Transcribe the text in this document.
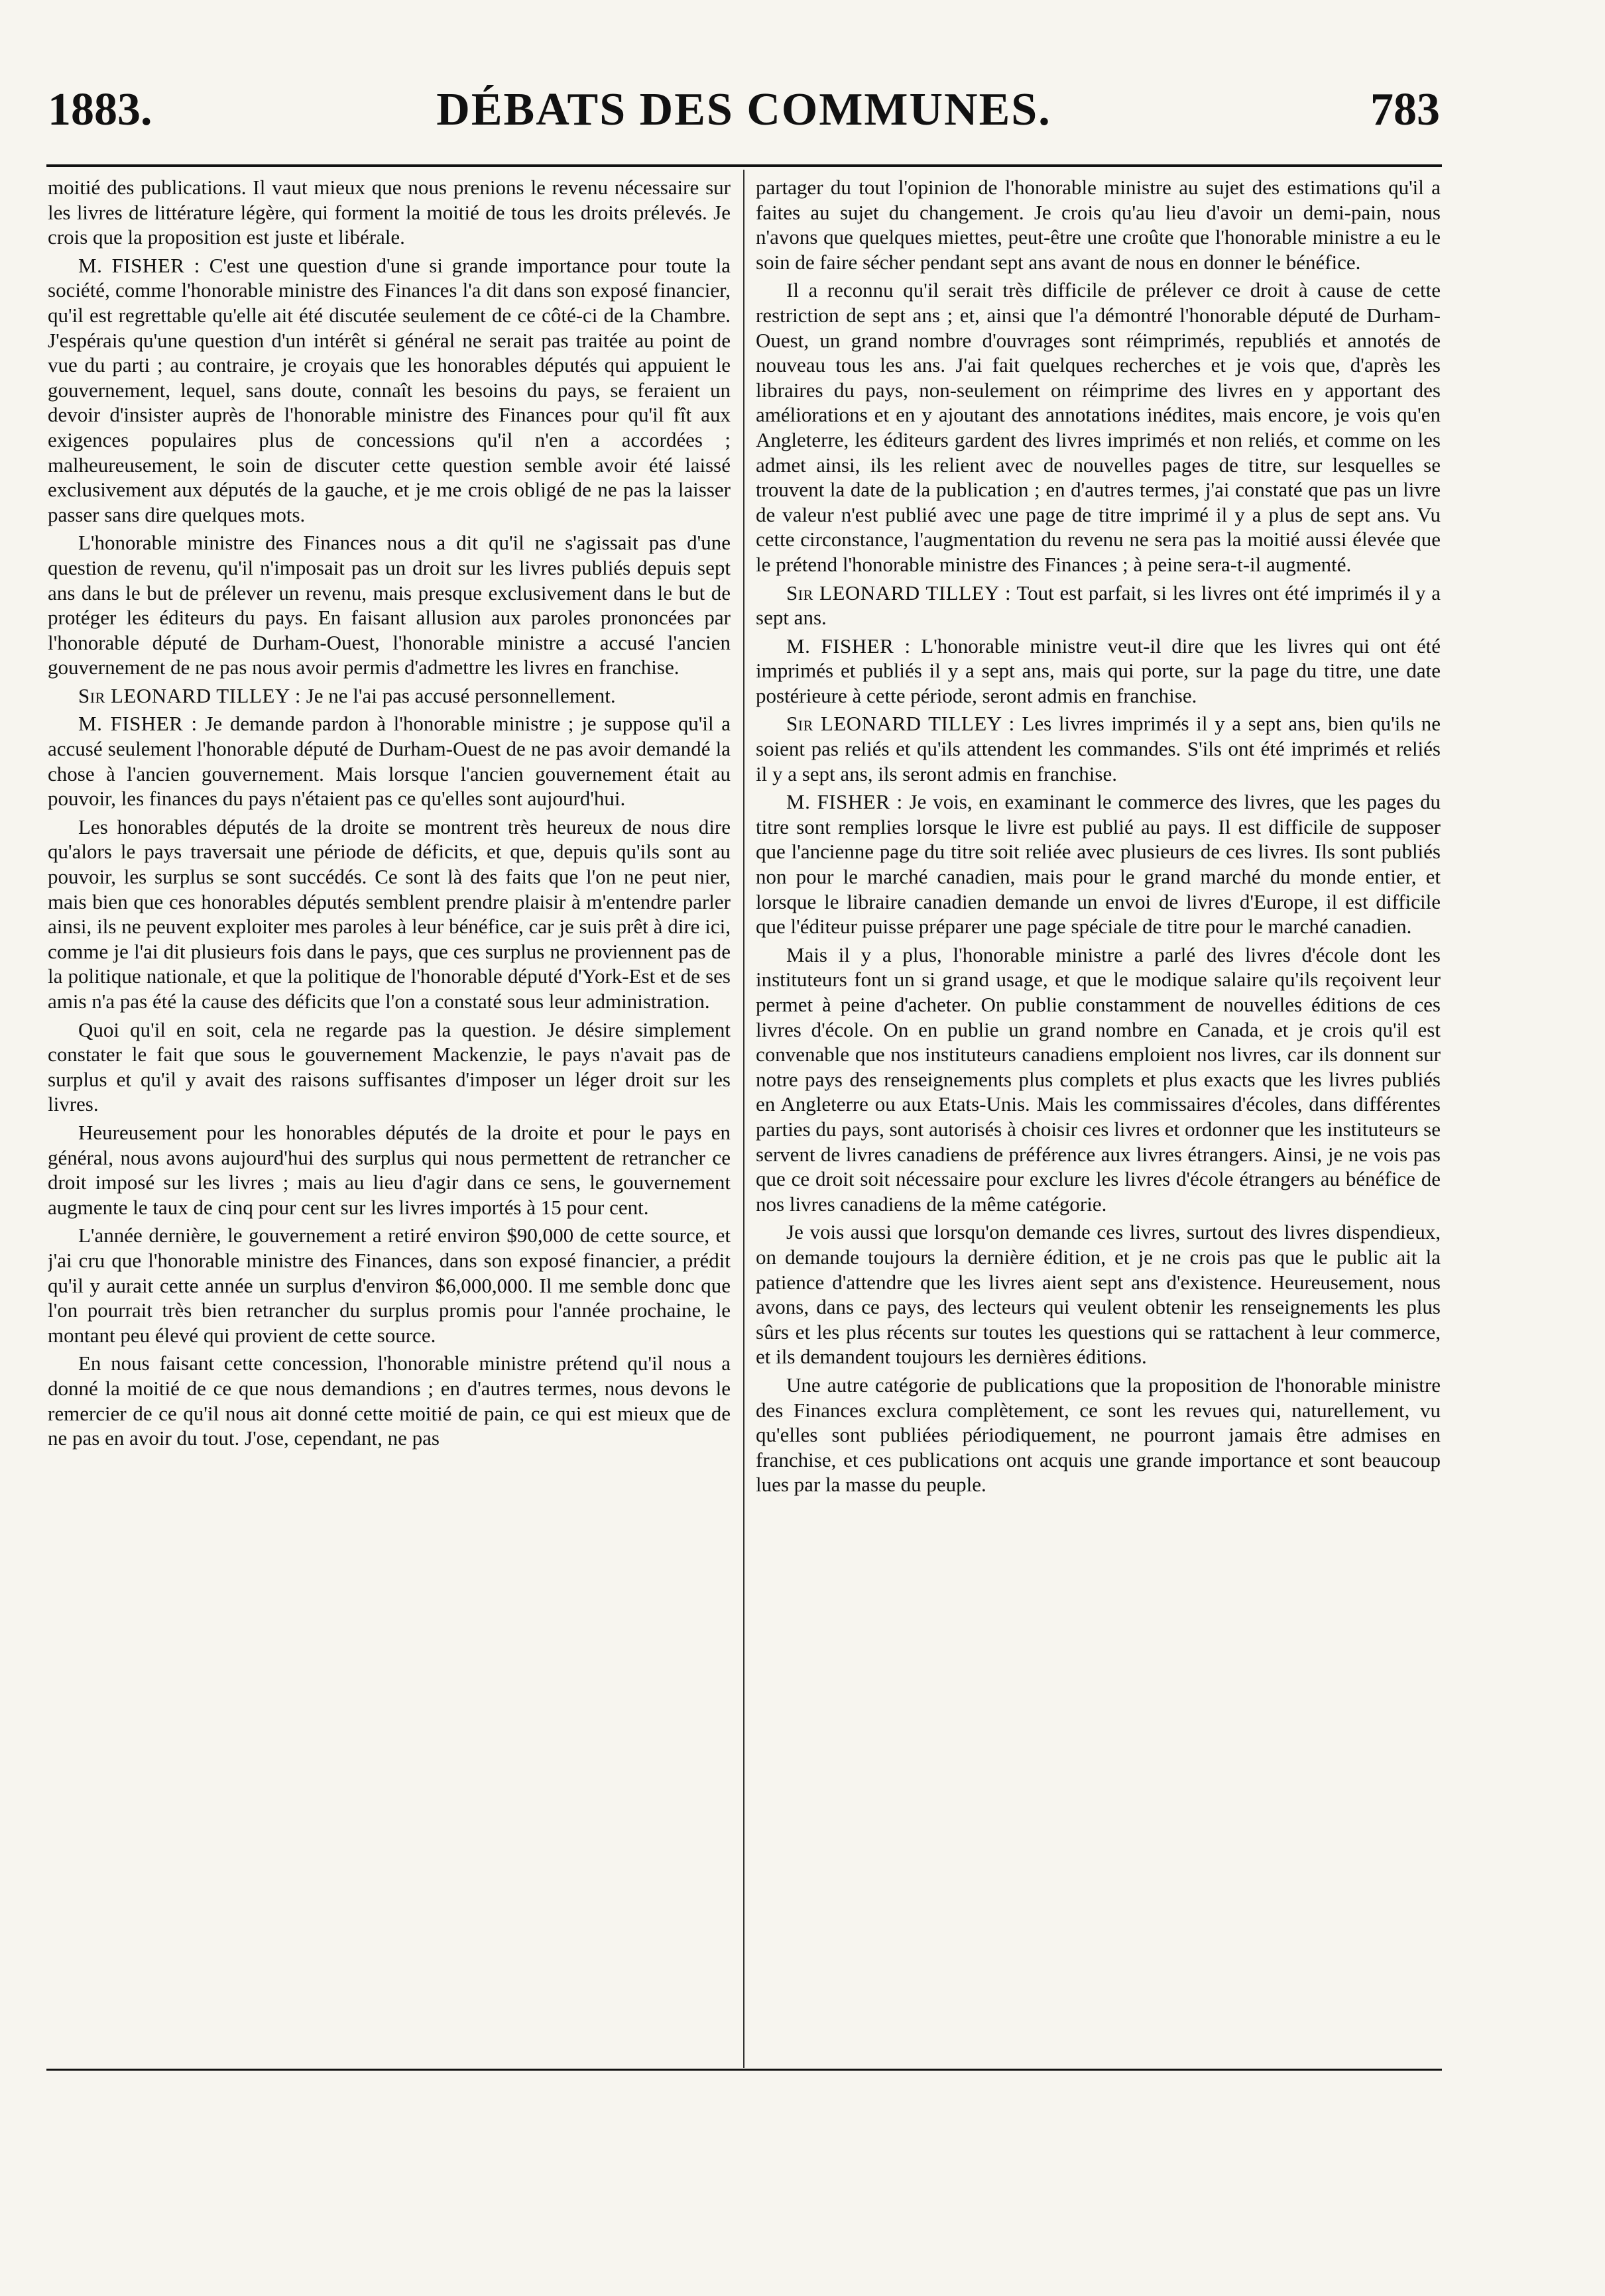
1883.	DÉBATS DES COMMUNES.	783

moitié des publications. Il vaut mieux que nous prenions le revenu nécessaire sur les livres de littérature légère, qui forment la moitié de tous les droits prélevés. Je crois que la proposition est juste et libérale.

M. FISHER : C'est une question d'une si grande importance pour toute la société, comme l'honorable ministre des Finances l'a dit dans son exposé financier, qu'il est regrettable qu'elle ait été discutée seulement de ce côté-ci de la Chambre. J'espérais qu'une question d'un intérêt si général ne serait pas traitée au point de vue du parti ; au contraire, je croyais que les honorables députés qui appuient le gouvernement, lequel, sans doute, connaît les besoins du pays, se feraient un devoir d'insister auprès de l'honorable ministre des Finances pour qu'il fît aux exigences populaires plus de concessions qu'il n'en a accordées ; malheureusement, le soin de discuter cette question semble avoir été laissé exclusivement aux députés de la gauche, et je me crois obligé de ne pas la laisser passer sans dire quelques mots.

L'honorable ministre des Finances nous a dit qu'il ne s'agissait pas d'une question de revenu, qu'il n'imposait pas un droit sur les livres publiés depuis sept ans dans le but de prélever un revenu, mais presque exclusivement dans le but de protéger les éditeurs du pays. En faisant allusion aux paroles prononcées par l'honorable député de Durham-Ouest, l'honorable ministre a accusé l'ancien gouvernement de ne pas nous avoir permis d'admettre les livres en franchise.

Sir LEONARD TILLEY : Je ne l'ai pas accusé personnellement.

M. FISHER : Je demande pardon à l'honorable ministre ; je suppose qu'il a accusé seulement l'honorable député de Durham-Ouest de ne pas avoir demandé la chose à l'ancien gouvernement. Mais lorsque l'ancien gouvernement était au pouvoir, les finances du pays n'étaient pas ce qu'elles sont aujourd'hui.

Les honorables députés de la droite se montrent très heureux de nous dire qu'alors le pays traversait une période de déficits, et que, depuis qu'ils sont au pouvoir, les surplus se sont succédés. Ce sont là des faits que l'on ne peut nier, mais bien que ces honorables députés semblent prendre plaisir à m'entendre parler ainsi, ils ne peuvent exploiter mes paroles à leur bénéfice, car je suis prêt à dire ici, comme je l'ai dit plusieurs fois dans le pays, que ces surplus ne proviennent pas de la politique nationale, et que la politique de l'honorable député d'York-Est et de ses amis n'a pas été la cause des déficits que l'on a constaté sous leur administration.

Quoi qu'il en soit, cela ne regarde pas la question. Je désire simplement constater le fait que sous le gouvernement Mackenzie, le pays n'avait pas de surplus et qu'il y avait des raisons suffisantes d'imposer un léger droit sur les livres.

Heureusement pour les honorables députés de la droite et pour le pays en général, nous avons aujourd'hui des surplus qui nous permettent de retrancher ce droit imposé sur les livres ; mais au lieu d'agir dans ce sens, le gouvernement augmente le taux de cinq pour cent sur les livres importés à 15 pour cent.

L'année dernière, le gouvernement a retiré environ $90,000 de cette source, et j'ai cru que l'honorable ministre des Finances, dans son exposé financier, a prédit qu'il y aurait cette année un surplus d'environ $6,000,000. Il me semble donc que l'on pourrait très bien retrancher du surplus promis pour l'année prochaine, le montant peu élevé qui provient de cette source.

En nous faisant cette concession, l'honorable ministre prétend qu'il nous a donné la moitié de ce que nous demandions ; en d'autres termes, nous devons le remercier de ce qu'il nous ait donné cette moitié de pain, ce qui est mieux que de ne pas en avoir du tout. J'ose, cependant, ne pas

partager du tout l'opinion de l'honorable ministre au sujet des estimations qu'il a faites au sujet du changement. Je crois qu'au lieu d'avoir un demi-pain, nous n'avons que quelques miettes, peut-être une croûte que l'honorable ministre a eu le soin de faire sécher pendant sept ans avant de nous en donner le bénéfice.

Il a reconnu qu'il serait très difficile de prélever ce droit à cause de cette restriction de sept ans ; et, ainsi que l'a démontré l'honorable député de Durham-Ouest, un grand nombre d'ouvrages sont réimprimés, republiés et annotés de nouveau tous les ans. J'ai fait quelques recherches et je vois que, d'après les libraires du pays, non-seulement on réimprime des livres en y apportant des améliorations et en y ajoutant des annotations inédites, mais encore, je vois qu'en Angleterre, les éditeurs gardent des livres imprimés et non reliés, et comme on les admet ainsi, ils les relient avec de nouvelles pages de titre, sur lesquelles se trouvent la date de la publication ; en d'autres termes, j'ai constaté que pas un livre de valeur n'est publié avec une page de titre imprimé il y a plus de sept ans. Vu cette circonstance, l'augmentation du revenu ne sera pas la moitié aussi élevée que le prétend l'honorable ministre des Finances ; à peine sera-t-il augmenté.

Sir LEONARD TILLEY : Tout est parfait, si les livres ont été imprimés il y a sept ans.

M. FISHER : L'honorable ministre veut-il dire que les livres qui ont été imprimés et publiés il y a sept ans, mais qui porte, sur la page du titre, une date postérieure à cette période, seront admis en franchise.

Sir LEONARD TILLEY : Les livres imprimés il y a sept ans, bien qu'ils ne soient pas reliés et qu'ils attendent les commandes. S'ils ont été imprimés et reliés il y a sept ans, ils seront admis en franchise.

M. FISHER : Je vois, en examinant le commerce des livres, que les pages du titre sont remplies lorsque le livre est publié au pays. Il est difficile de supposer que l'ancienne page du titre soit reliée avec plusieurs de ces livres. Ils sont publiés non pour le marché canadien, mais pour le grand marché du monde entier, et lorsque le libraire canadien demande un envoi de livres d'Europe, il est difficile que l'éditeur puisse préparer une page spéciale de titre pour le marché canadien.

Mais il y a plus, l'honorable ministre a parlé des livres d'école dont les instituteurs font un si grand usage, et que le modique salaire qu'ils reçoivent leur permet à peine d'acheter. On publie constamment de nouvelles éditions de ces livres d'école. On en publie un grand nombre en Canada, et je crois qu'il est convenable que nos instituteurs canadiens emploient nos livres, car ils donnent sur notre pays des renseignements plus complets et plus exacts que les livres publiés en Angleterre ou aux Etats-Unis. Mais les commissaires d'écoles, dans différentes parties du pays, sont autorisés à choisir ces livres et ordonner que les instituteurs se servent de livres canadiens de préférence aux livres étrangers. Ainsi, je ne vois pas que ce droit soit nécessaire pour exclure les livres d'école étrangers au bénéfice de nos livres canadiens de la même catégorie.

Je vois aussi que lorsqu'on demande ces livres, surtout des livres dispendieux, on demande toujours la dernière édition, et je ne crois pas que le public ait la patience d'attendre que les livres aient sept ans d'existence. Heureusement, nous avons, dans ce pays, des lecteurs qui veulent obtenir les renseignements les plus sûrs et les plus récents sur toutes les questions qui se rattachent à leur commerce, et ils demandent toujours les dernières éditions.

Une autre catégorie de publications que la proposition de l'honorable ministre des Finances exclura complètement, ce sont les revues qui, naturellement, vu qu'elles sont publiées périodiquement, ne pourront jamais être admises en franchise, et ces publications ont acquis une grande importance et sont beaucoup lues par la masse du peuple.
